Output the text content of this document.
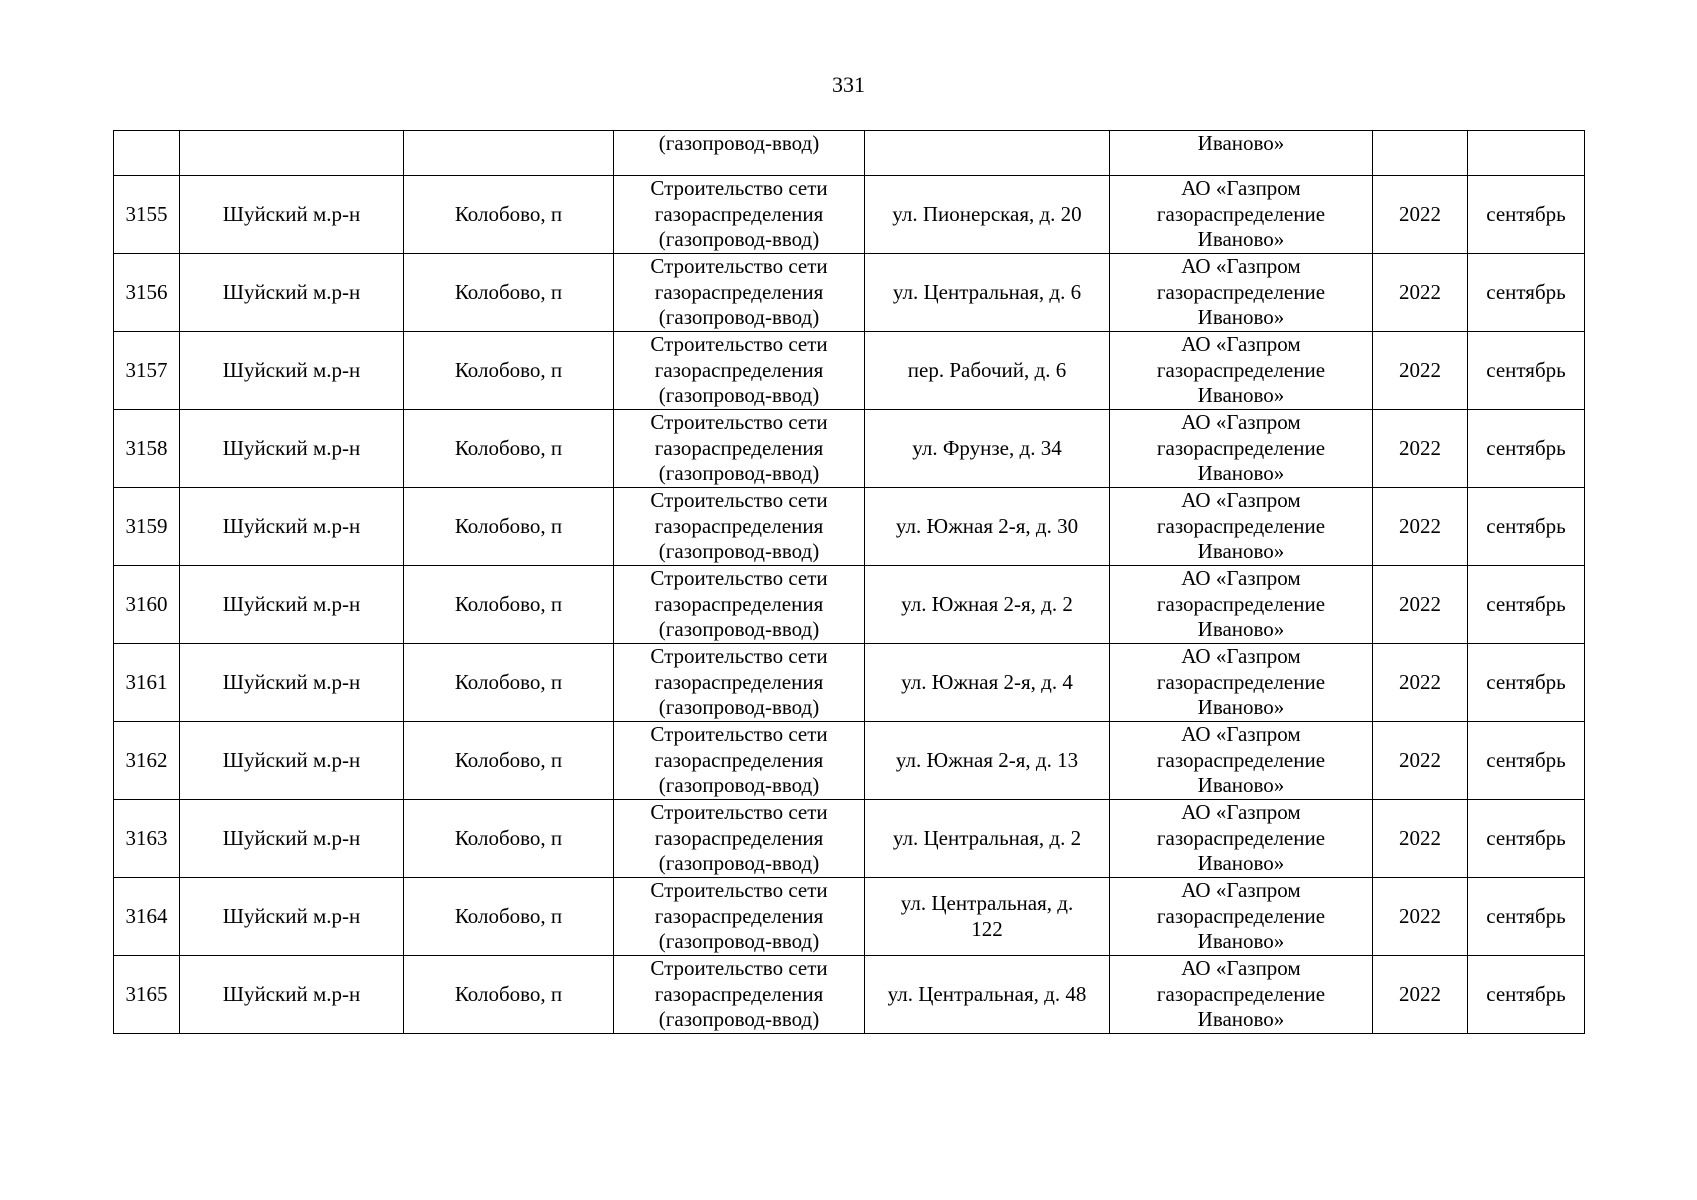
331
			(газопровод-ввод)		Иваново»		
3155	Шуйский м.р-н	Колобово, п	Строительство сети
газораспределения
(газопровод-ввод)	ул. Пионерская, д. 20	АО «Газпром
газораспределение
Иваново»	2022	сентябрь
3156	Шуйский м.р-н	Колобово, п	Строительство сети
газораспределения
(газопровод-ввод)	ул. Центральная, д. 6	АО «Газпром
газораспределение
Иваново»	2022	сентябрь
3157	Шуйский м.р-н	Колобово, п	Строительство сети
газораспределения
(газопровод-ввод)	пер. Рабочий, д. 6	АО «Газпром
газораспределение
Иваново»	2022	сентябрь
3158	Шуйский м.р-н	Колобово, п	Строительство сети
газораспределения
(газопровод-ввод)	ул. Фрунзе, д. 34	АО «Газпром
газораспределение
Иваново»	2022	сентябрь
3159	Шуйский м.р-н	Колобово, п	Строительство сети
газораспределения
(газопровод-ввод)	ул. Южная 2-я, д. 30	АО «Газпром
газораспределение
Иваново»	2022	сентябрь
3160	Шуйский м.р-н	Колобово, п	Строительство сети
газораспределения
(газопровод-ввод)	ул. Южная 2-я, д. 2	АО «Газпром
газораспределение
Иваново»	2022	сентябрь
3161	Шуйский м.р-н	Колобово, п	Строительство сети
газораспределения
(газопровод-ввод)	ул. Южная 2-я, д. 4	АО «Газпром
газораспределение
Иваново»	2022	сентябрь
3162	Шуйский м.р-н	Колобово, п	Строительство сети
газораспределения
(газопровод-ввод)	ул. Южная 2-я, д. 13	АО «Газпром
газораспределение
Иваново»	2022	сентябрь
3163	Шуйский м.р-н	Колобово, п	Строительство сети
газораспределения
(газопровод-ввод)	ул. Центральная, д. 2	АО «Газпром
газораспределение
Иваново»	2022	сентябрь
3164	Шуйский м.р-н	Колобово, п	Строительство сети
газораспределения
(газопровод-ввод)	ул. Центральная, д.
122	АО «Газпром
газораспределение
Иваново»	2022	сентябрь
3165	Шуйский м.р-н	Колобово, п	Строительство сети
газораспределения
(газопровод-ввод)	ул. Центральная, д. 48	АО «Газпром
газораспределение
Иваново»	2022	сентябрь
